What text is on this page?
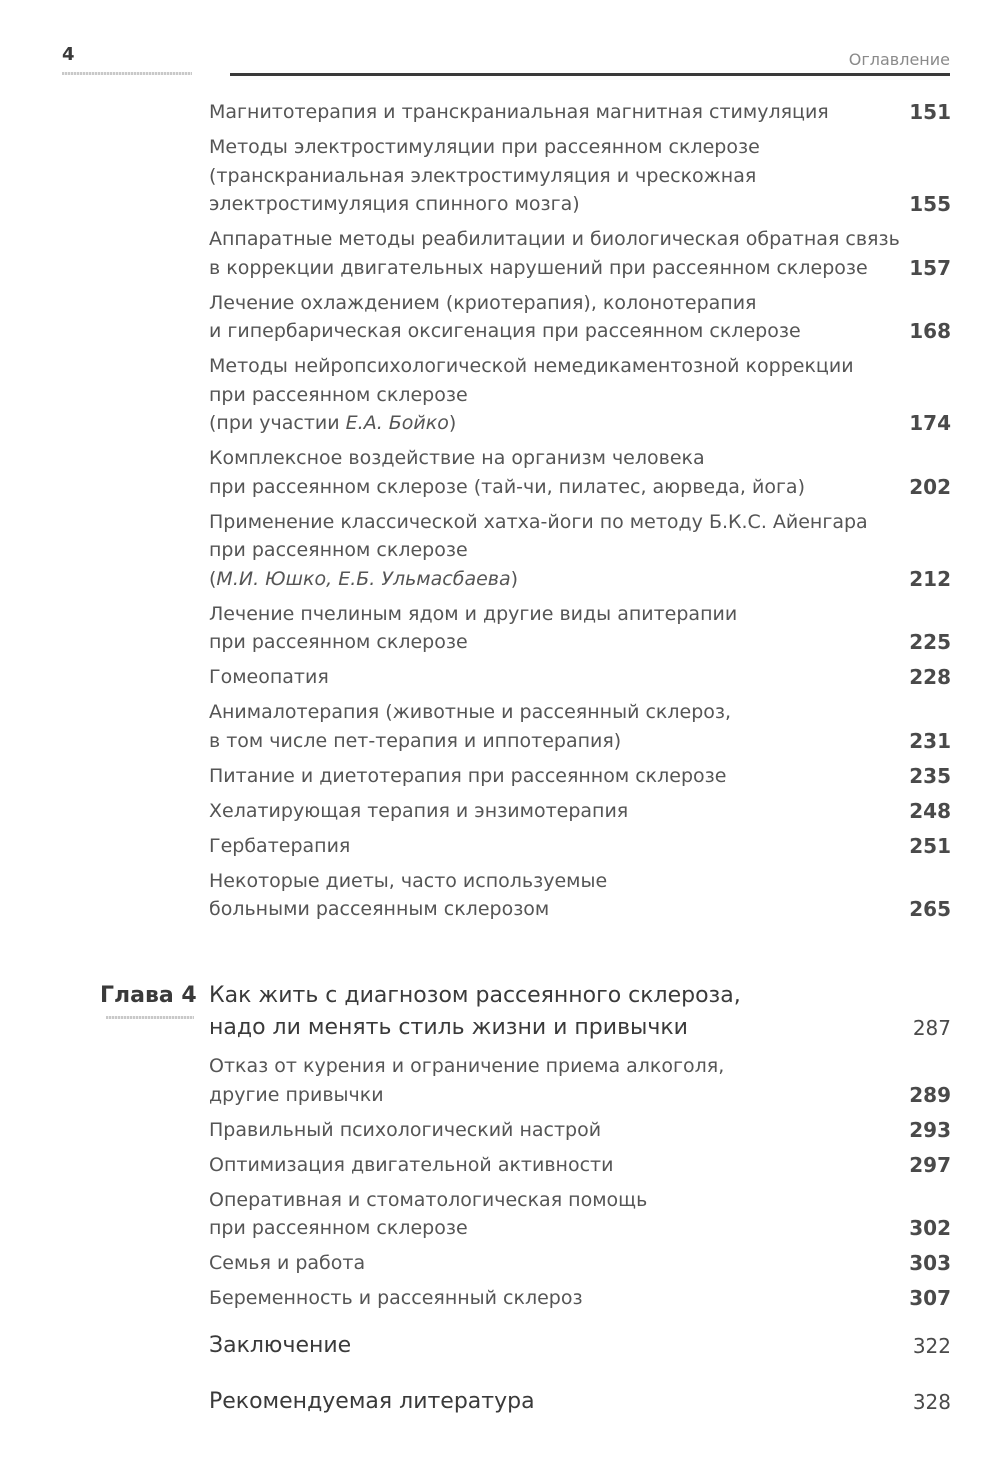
4	Оглавление
Магнитотерапия и транскраниальная магнитная стимуляция	151
Методы электростимуляции при рассеянном склерозе
(транскраниальная электростимуляция и чрескожная
электростимуляция спинного мозга)	155
Аппаратные методы реабилитации и биологическая обратная связь
в коррекции двигательных нарушений при рассеянном склерозе 157
Лечение охлаждением (криотерапия), колонотерапия
и гипербарическая оксигенация при рассеянном склерозе	168
Методы нейропсихологической немедикаментозной коррекции
при рассеянном склерозе
(при участии Е.А. Бойко)	174
Комплексное воздействие на организм человека
при рассеянном склерозе (тай-чи, пилатес, аюрведа, йога)	202
Применение классической хатха-йоги по методу Б.К.С. Айенгара
при рассеянном склерозе
(М.И. Юшко, Е.Б. Ульмасбаева)	212
Лечение пчелиным ядом и другие виды апитерапии
при рассеянном склерозе	225
Гомеопатия	228
Анималотерапия (животные и рассеянный склероз,
в том числе пет-терапия и иппотерапия)	231
Питание и диетотерапия при рассеянном склерозе	235
Хелатирующая терапия и энзимотерапия	248
Гербатерапия	251
Некоторые диеты, часто используемые
больными рассеянным склерозом	265
Глава 4 Как жить с диагнозом рассеянного склероза,
надо ли менять стиль жизни и привычки	287
Отказ от курения и ограничение приема алкоголя,
другие привычки	289
Правильный психологический настрой	293
Оптимизация двигательной активности	297
Оперативная и стоматологическая помощь
при рассеянном склерозе	302
Семья и работа	303
Беременность и рассеянный склероз	307
Заключение	322
Рекомендуемая литература	328
